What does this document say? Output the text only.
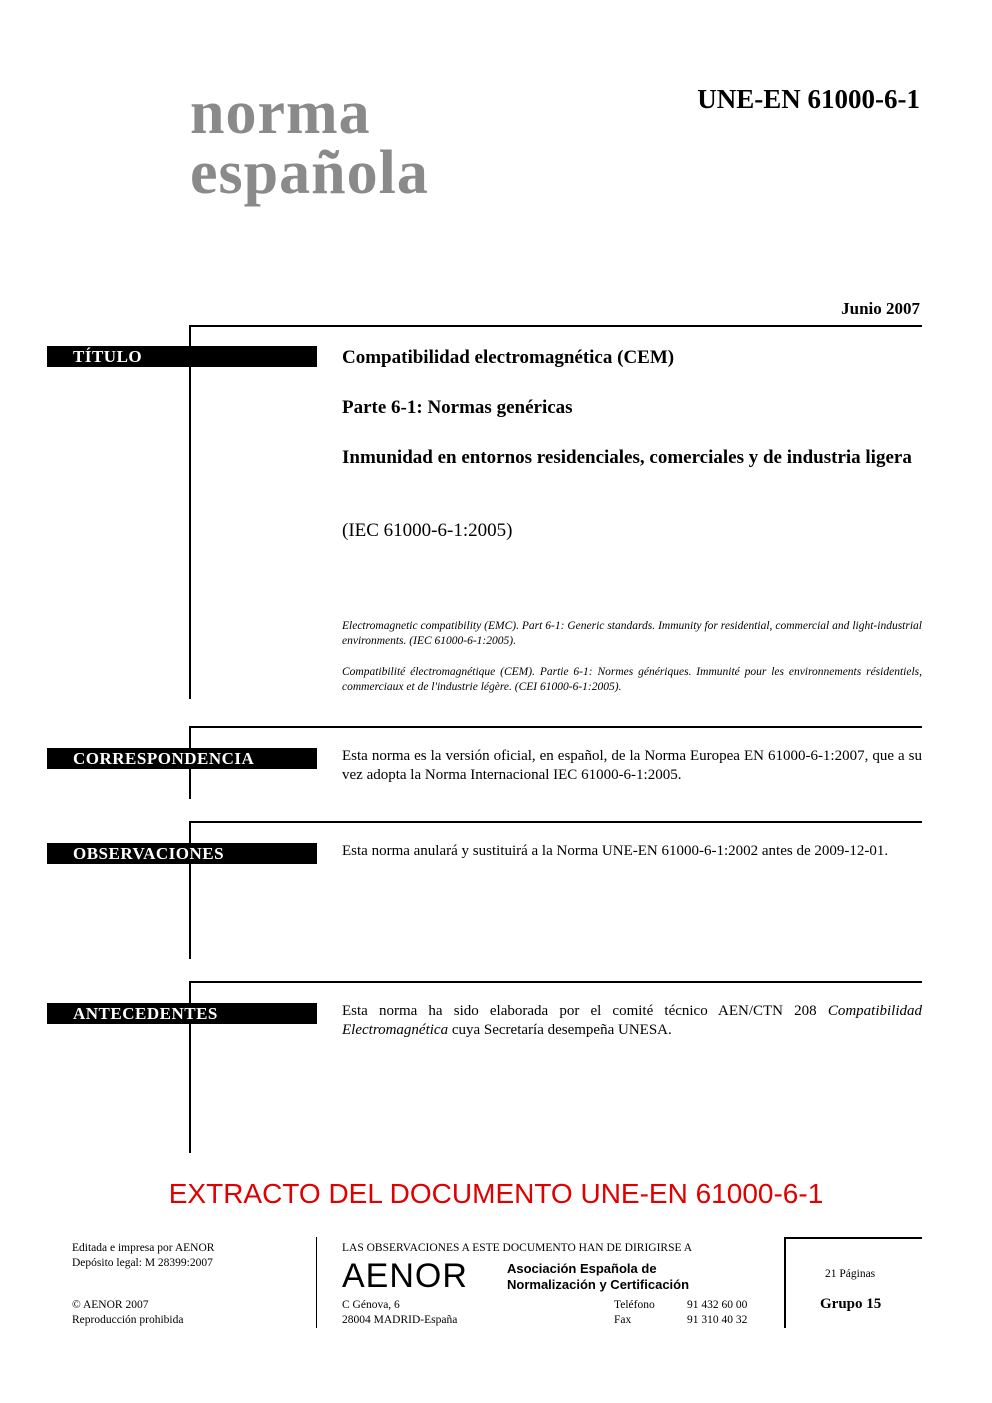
norma
española
UNE-EN 61000-6-1
Junio 2007
TÍTULO	Compatibilidad electromagnética (CEM)
Parte 6-1: Normas genéricas
Inmunidad en entornos residenciales, comerciales y de industria ligera
(IEC 61000-6-1:2005)
Electromagnetic compatibility (EMC). Part 6-1: Generic standards. Immunity for residential, commercial and light-industrial environments. (IEC 61000-6-1:2005).
Compatibilité électromagnétique (CEM). Partie 6-1: Normes génériques. Immunité pour les environnements résidentiels, commerciaux et de l'industrie légère. (CEI 61000-6-1:2005).
CORRESPONDENCIA	Esta norma es la versión oficial, en español, de la Norma Europea EN 61000-6-1:2007, que a su vez adopta la Norma Internacional IEC 61000-6-1:2005.
OBSERVACIONES	Esta norma anulará y sustituirá a la Norma UNE-EN 61000-6-1:2002 antes de 2009-12-01.
ANTECEDENTES	Esta norma ha sido elaborada por el comité técnico AEN/CTN 208 Compatibilidad Electromagnética cuya Secretaría desempeña UNESA.
EXTRACTO DEL DOCUMENTO UNE-EN 61000-6-1
Editada e impresa por AENOR
Depósito legal: M 28399:2007
© AENOR 2007
Reproducción prohibida
LAS OBSERVACIONES A ESTE DOCUMENTO HAN DE DIRIGIRSE A
AENOR	Asociación Española de
Normalización y Certificación
C Génova, 6
28004 MADRID-España
Teléfono	91 432 60 00
Fax	91 310 40 32
21 Páginas
Grupo 15
